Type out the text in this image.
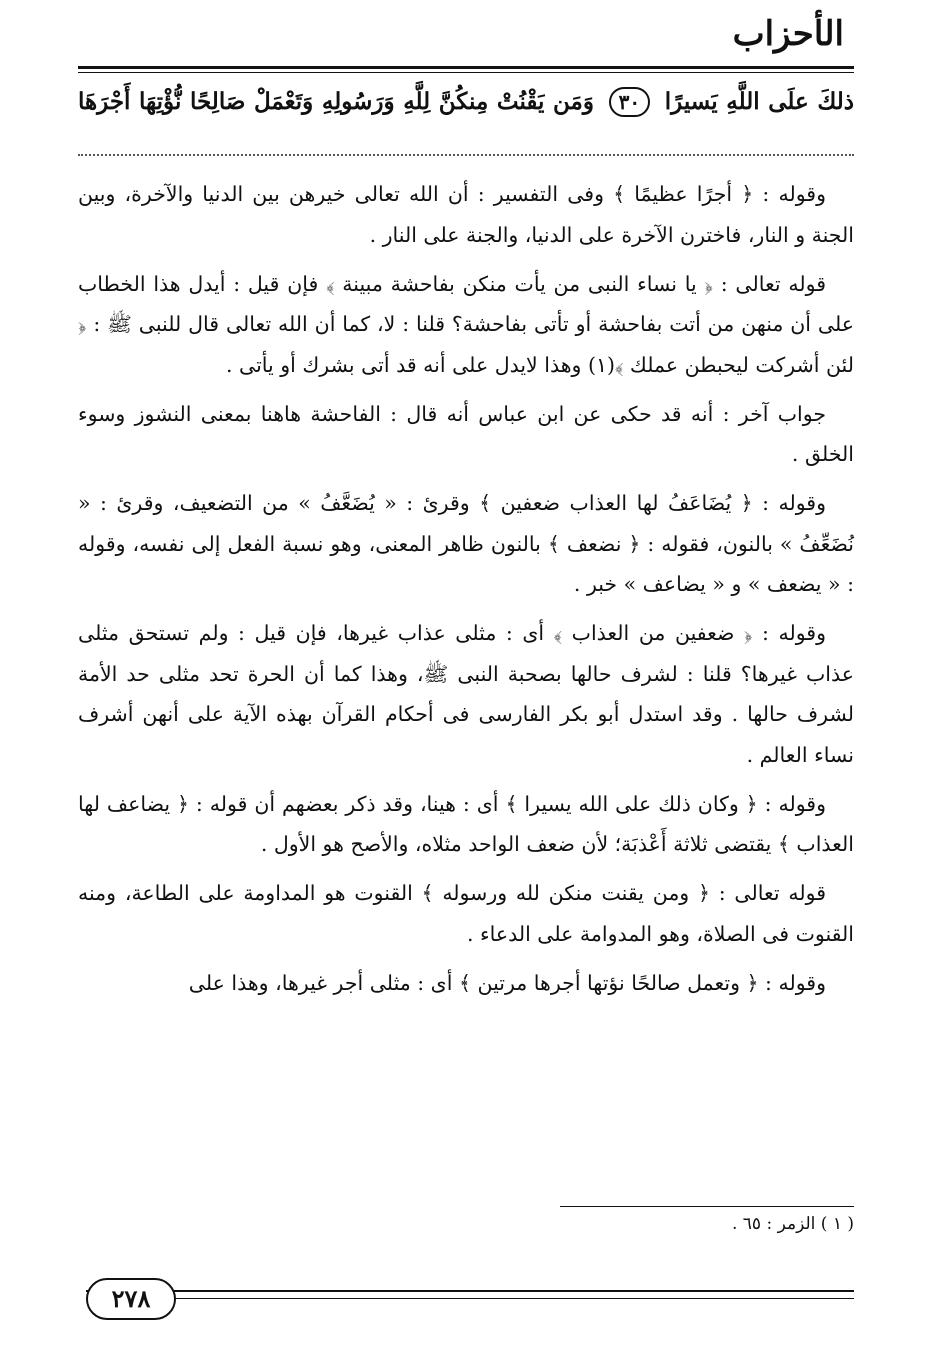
الأحزاب
ذلكَ علَى اللَّهِ يَسيرًا ٣٠ وَمَن يَقْنُتْ مِنكُنَّ لِلَّهِ وَرَسُولِهِ وَتَعْمَلْ صَالِحًا نُّؤْتِهَا أَجْرَهَا

وقوله : ﴿ أجرًا عظيمًا ﴾ وفى التفسير : أن الله تعالى خيرهن بين الدنيا والآخرة، وبين الجنة و النار، فاخترن الآخرة على الدنيا، والجنة على النار .

قوله تعالى : ﴿ يا نساء النبى من يأت منكن بفاحشة مبينة ﴾ فإن قيل : أيدل هذا الخطاب على أن منهن من أتت بفاحشة أو تأتى بفاحشة؟ قلنا : لا، كما أن الله تعالى قال للنبى ﷺ : ﴿ لئن أشركت ليحبطن عملك ﴾(١) وهذا لايدل على أنه قد أتى بشرك أو يأتى .

جواب آخر : أنه قد حكى عن ابن عباس أنه قال : الفاحشة هاهنا بمعنى النشوز وسوء الخلق .

وقوله : ﴿ يُضَاعَفُ لها العذاب ضعفين ﴾ وقرئ : « يُضَعَّفُ » من التضعيف، وقرئ : « نُضَعِّفُ » بالنون، فقوله : ﴿ نضعف ﴾ بالنون ظاهر المعنى، وهو نسبة الفعل إلى نفسه، وقوله : « يضعف » و « يضاعف » خبر .

وقوله : ﴿ ضعفين من العذاب ﴾ أى : مثلى عذاب غيرها، فإن قيل : ولم تستحق مثلى عذاب غيرها؟ قلنا : لشرف حالها بصحبة النبى ﷺ، وهذا كما أن الحرة تحد مثلى حد الأمة لشرف حالها . وقد استدل أبو بكر الفارسى فى أحكام القرآن بهذه الآية على أنهن أشرف نساء العالم .

وقوله : ﴿ وكان ذلك على الله يسيرا ﴾ أى : هينا، وقد ذكر بعضهم أن قوله : ﴿ يضاعف لها العذاب ﴾ يقتضى ثلاثة أَعْذبَة؛ لأن ضعف الواحد مثلاه، والأصح هو الأول .

قوله تعالى : ﴿ ومن يقنت منكن لله ورسوله ﴾ القنوت هو المداومة على الطاعة، ومنه القنوت فى الصلاة، وهو المدوامة على الدعاء .

وقوله : ﴿ وتعمل صالحًا نؤتها أجرها مرتين ﴾ أى : مثلى أجر غيرها، وهذا على

( ١ ) الزمر : ٦٥ .
٢٧٨
